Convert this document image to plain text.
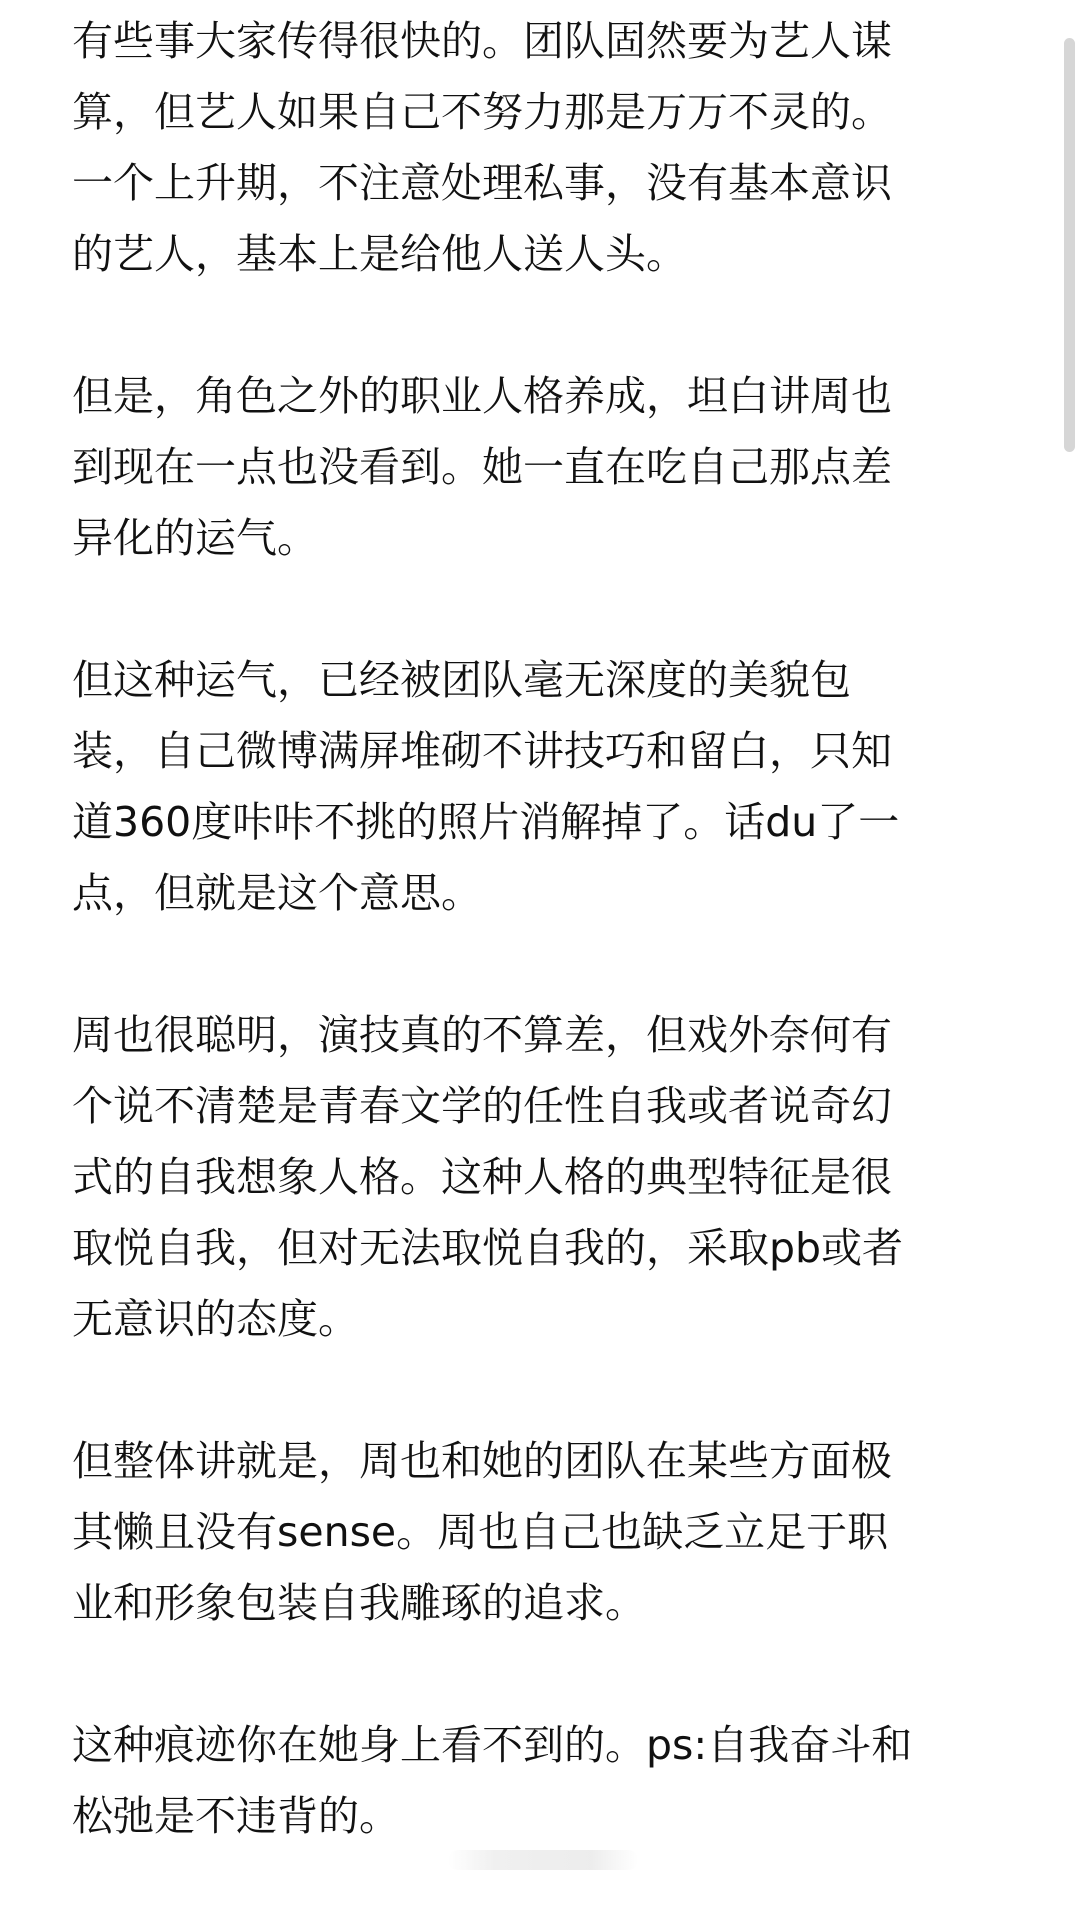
有些事大家传得很快的。团队固然要为艺人谋
算，但艺人如果自己不努力那是万万不灵的。
一个上升期，不注意处理私事，没有基本意识
的艺人，基本上是给他人送人头。

但是，角色之外的职业人格养成，坦白讲周也
到现在一点也没看到。她一直在吃自己那点差
异化的运气。

但这种运气，已经被团队毫无深度的美貌包
装，自己微博满屏堆砌不讲技巧和留白，只知
道360度咔咔不挑的照片消解掉了。话du了一
点，但就是这个意思。

周也很聪明，演技真的不算差，但戏外奈何有
个说不清楚是青春文学的任性自我或者说奇幻
式的自我想象人格。这种人格的典型特征是很
取悦自我，但对无法取悦自我的，采取pb或者
无意识的态度。

但整体讲就是，周也和她的团队在某些方面极
其懒且没有sense。周也自己也缺乏立足于职
业和形象包装自我雕琢的追求。

这种痕迹你在她身上看不到的。ps:自我奋斗和
松弛是不违背的。
